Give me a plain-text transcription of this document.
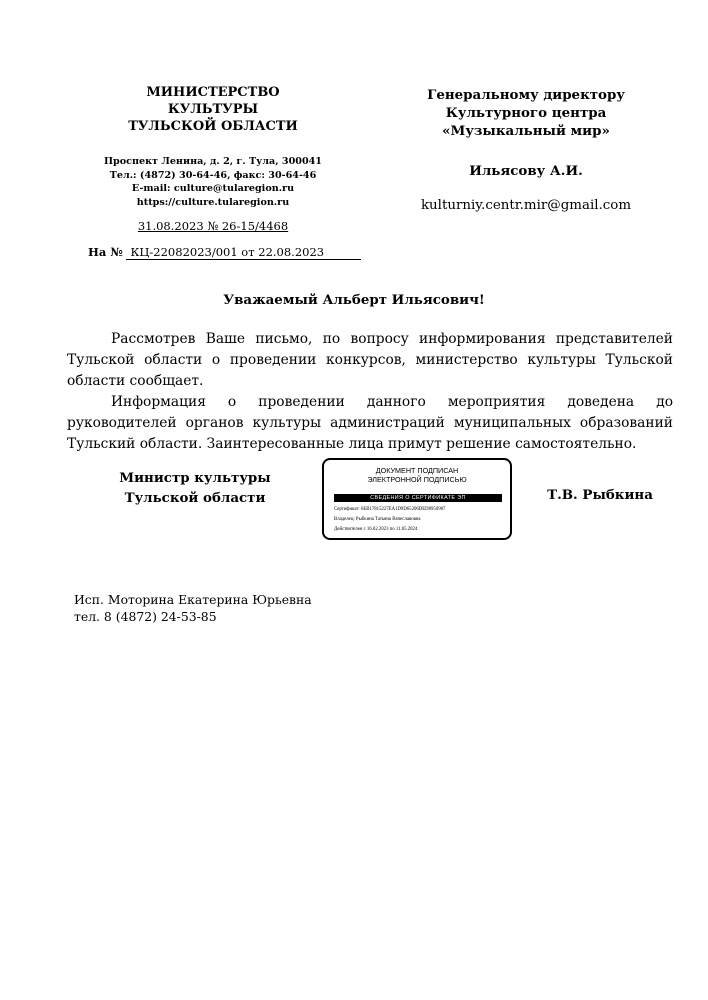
МИНИСТЕРСТВО
КУЛЬТУРЫ
ТУЛЬСКОЙ ОБЛАСТИ
Проспект Ленина, д. 2, г. Тула, 300041
Тел.: (4872) 30-64-46, факс: 30-64-46
E-mail: culture@tularegion.ru
https://culture.tularegion.ru
31.08.2023 № 26-15/4468
На № КЦ-22082023/001 от 22.08.2023
Генеральному директору
Культурного центра
«Музыкальный мир»
Ильясову А.И.
kulturniy.centr.mir@gmail.com
Уважаемый Альберт Ильясович!

Рассмотрев Ваше письмо, по вопросу информирования представителей Тульской области о проведении конкурсов, министерство культуры Тульской области сообщает.

Информация о проведении данного мероприятия доведена до руководителей органов культуры администраций муниципальных образований Тульский области. Заинтересованные лица примут решение самостоятельно.

Министр культуры
Тульской области
ДОКУМЕНТ ПОДПИСАН
ЭЛЕКТРОННОЙ ПОДПИСЬЮ
СВЕДЕНИЯ О СЕРТИФИКАТЕ ЭП
Сертификат: 6EB17815227EA1D9D65206DED8950987
Владелец: Рыбкина Татьяна Вячеславовна
Действителен с 16.02.2023 по 11.05.2024
Т.В. Рыбкина
Исп. Моторина Екатерина Юрьевна
тел. 8 (4872) 24-53-85
